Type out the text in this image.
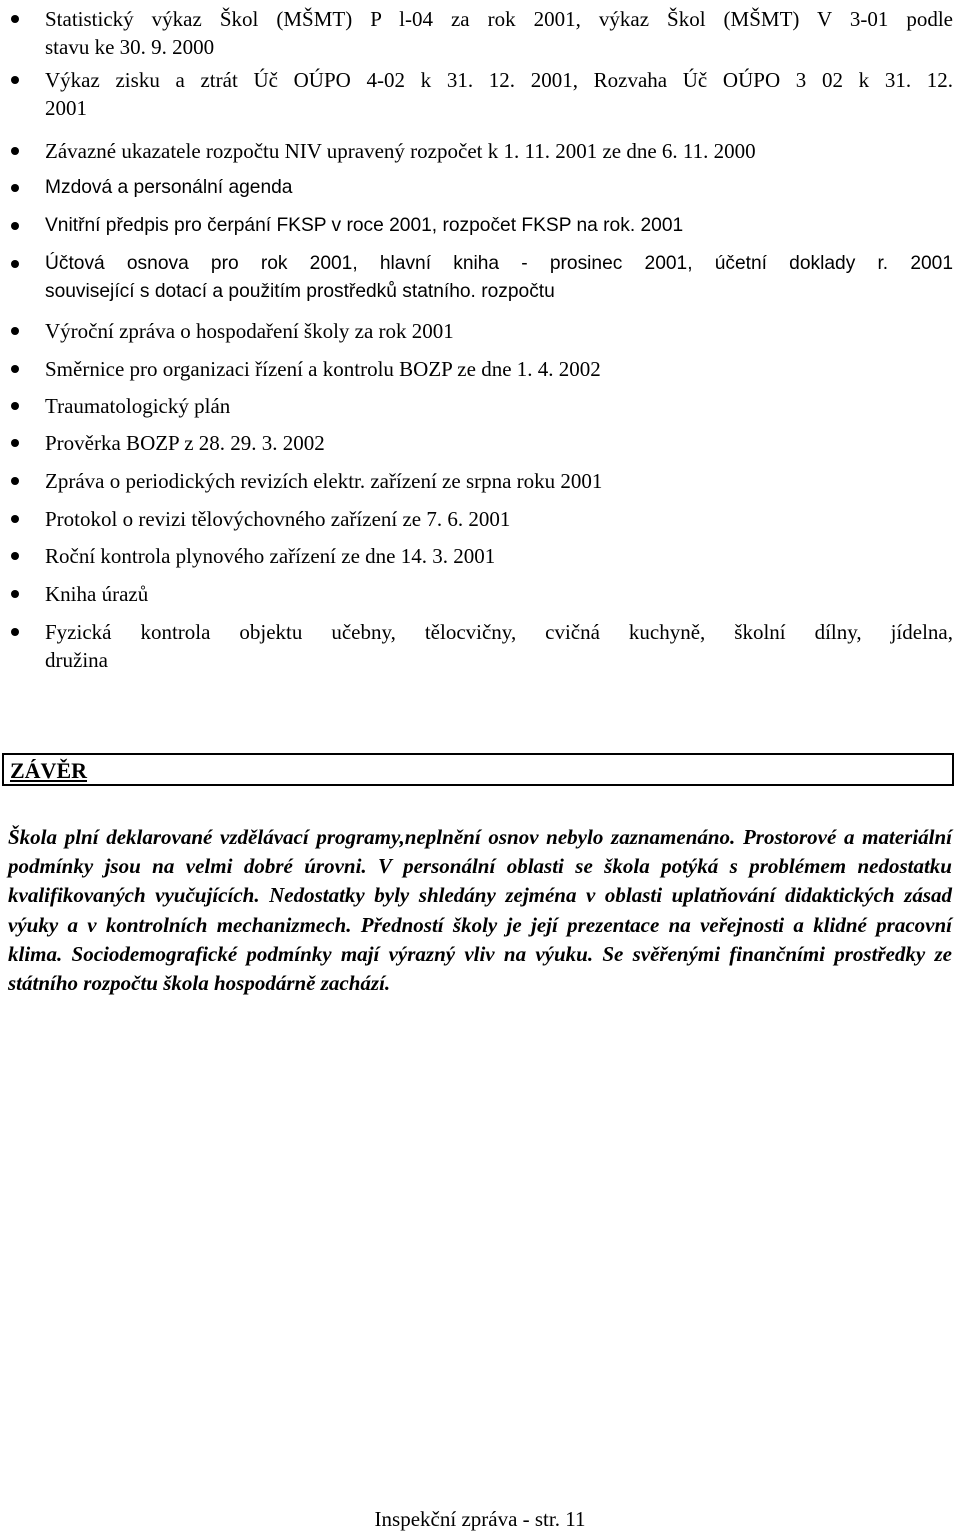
Statistický výkaz Škol (MŠMT) P l-04 za rok 2001, výkaz Škol (MŠMT) V 3-01 podle
stavu ke 30. 9. 2000
Výkaz zisku a ztrát Úč OÚPO 4-02 k 31. 12. 2001, Rozvaha Úč OÚPO 3 02 k 31. 12.
2001
Závazné ukazatele rozpočtu NIV upravený rozpočet k 1. 11. 2001 ze dne 6. 11. 2000
Mzdová a personální agenda
Vnitřní předpis pro čerpání FKSP v roce 2001, rozpočet FKSP na rok. 2001
Účtová osnova pro rok 2001, hlavní kniha - prosinec 2001, účetní doklady r. 2001
související s dotací a použitím prostředků statního. rozpočtu
Výroční zpráva o hospodaření školy za rok 2001
Směrnice pro organizaci řízení a kontrolu BOZP ze dne 1. 4. 2002
Traumatologický plán
Prověrka BOZP z 28. 29. 3. 2002
Zpráva o periodických revizích elektr. zařízení ze srpna roku 2001
Protokol o revizi tělovýchovného zařízení ze 7. 6. 2001
Roční kontrola plynového zařízení ze dne 14. 3. 2001
Kniha úrazů
Fyzická kontrola objektu učebny, tělocvičny, cvičná kuchyně, školní dílny, jídelna,
družina
ZÁVĚR

Škola plní deklarované vzdělávací programy,neplnění osnov nebylo zaznamenáno. Prostorové a materiální podmínky jsou na velmi dobré úrovni. V personální oblasti se škola potýká s problémem nedostatku kvalifikovaných vyučujících. Nedostatky byly shledány zejména v oblasti uplatňování didaktických zásad výuky a v kontrolních mechanizmech. Předností školy je její prezentace na veřejnosti a klidné pracovní klima. Sociodemografické podmínky mají výrazný vliv na výuku. Se svěřenými finančními prostředky ze státního rozpočtu škola hospodárně zachází.

Inspekční zpráva - str. 11
